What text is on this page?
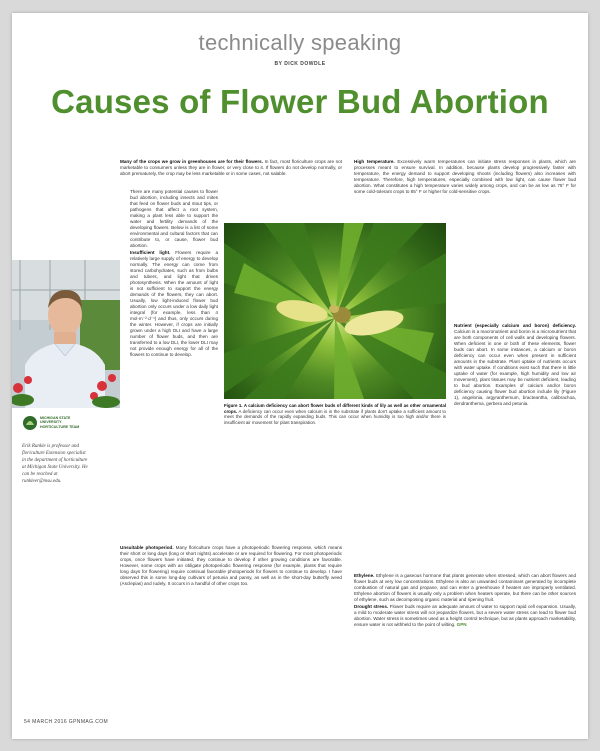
technically speaking
BY DICK DOWDLE
Causes of Flower Bud Abortion

Many of the crops we grow in greenhouses are for their flowers. In fact, most floriculture crops are not marketable to consumers unless they are in flower, or very close to it. If flowers do not develop normally, or abort prematurely, the crop may be less marketable or in some cases, not salable.

There are many potential causes to flower bud abortion, including insects and mites that feed on flower buds and stout tips, or pathogens that affect a root system, making a plant less able to support the water and fertility demands of the developing flowers. Below is a list of some environmental and cultural factors that can contribute to, or cause, flower bud abortion.

Insufficient light. Flowers require a relatively large supply of energy to develop normally. The energy can come from stored carbohydrates, such as from bulbs and tubers, and light that drives photosynthesis. When the amount of light is not sufficient to support the energy demands of the flowers, they can abort. Usually, low light-induced flower bud abortion only occurs under a low daily light integral (for example, less than 4 mol·m⁻²·d⁻¹) and thus, only occurs during the winter. However, if crops are initially grown under a high DLI and have a large number of flower buds, and then are transferred to a low DLI, the lower DLI may not provide enough energy for all of the flowers to continue to develop.

Unsuitable photoperiod. Many floriculture crops have a photoperiodic flowering response, which means their short or long days (long or short nights) accelerate or are required for flowering. For most photoperiodic crops, once flowers have initiated, they continue to develop if other growing conditions are favorable. However, some crops with an obligate photoperiodic flowering response (for example, plants that require long days for flowering) require continual favorable photoperiods for flowers to continue to develop. I have observed this in some long-day cultivars of petunia and pansy, as well as in the short-day butterfly weed (Asclepias) and rudely. It occurs in a handful of other crops too.

High temperature. Excessively warm temperatures can initiate stress responses in plants, which are processes meant to ensure survival. In addition, because plants develop progressively faster with temperature, the energy demand to support developing shoots (including flowers) also increases with temperature. Therefore, high temperatures, especially combined with low light, can cause flower bud abortion. What constitutes a high temperature varies widely among crops, and can be as low as 75° F for some cold-tolerant crops to 85° F or higher for cold-sensitive crops.

Nutrient (especially calcium and boron) deficiency. Calcium is a macronutrient and boron is a micronutrient that are both components of cell walls and developing flowers. When deficient in one or both of these elements, flower buds can abort. In some instances, a calcium or boron deficiency can occur even when present in sufficient amounts in the substrate. Plant uptake of nutrients occurs with water uptake. If conditions exist such that there is little uptake of water (for example, high humidity and low air movement), plant tissues may be nutrient deficient, leading to bud abortion. Examples of calcium and/or boron deficiency causing flower bud abortion include lily (Figure 1), angelonia, argyranthemum, bracteantha, calibrachoa, dendranthema, gerbera and petunia.

Ethylene. Ethylene is a gaseous hormone that plants generate when stressed, which can abort flowers and flower buds at very low concentrations. Ethylene is also an unwanted contaminant generated by incomplete combustion of natural gas and propane, and can enter a greenhouse if heaters are improperly ventilated. Ethylene abortion of flowers is usually only a problem when heaters operate, but there can be other sources of ethylene, such as decomposing organic material and ripening fruit.

Drought stress. Flower buds require an adequate amount of water to support rapid cell expansion. Usually, a mild to moderate water stress will not jeopardize flowers, but a severe water stress can lead to flower bud abortion. Water stress is sometimes used as a height control technique, but as plants approach marketability, ensure water is not withheld to the point of wilting. GPN

Figure 1. A calcium deficiency can abort flower buds of different kinds of lily as well as other ornamental crops. A deficiency can occur even when calcium is in the substrate if plants don't uptake a sufficient amount to meet the demands of the rapidly expanding buds. This can occur when humidity is too high and/or there is insufficient air movement for plant transpiration.

MICHIGAN STATE UNIVERSITY HORTICULTURE TEAM
Erik Runkle is professor and floriculture Extension specialist in the department of horticulture at Michigan State University. He can be reached at runkleer@msu.edu.
54 MARCH 2016 GPNMAG.COM
